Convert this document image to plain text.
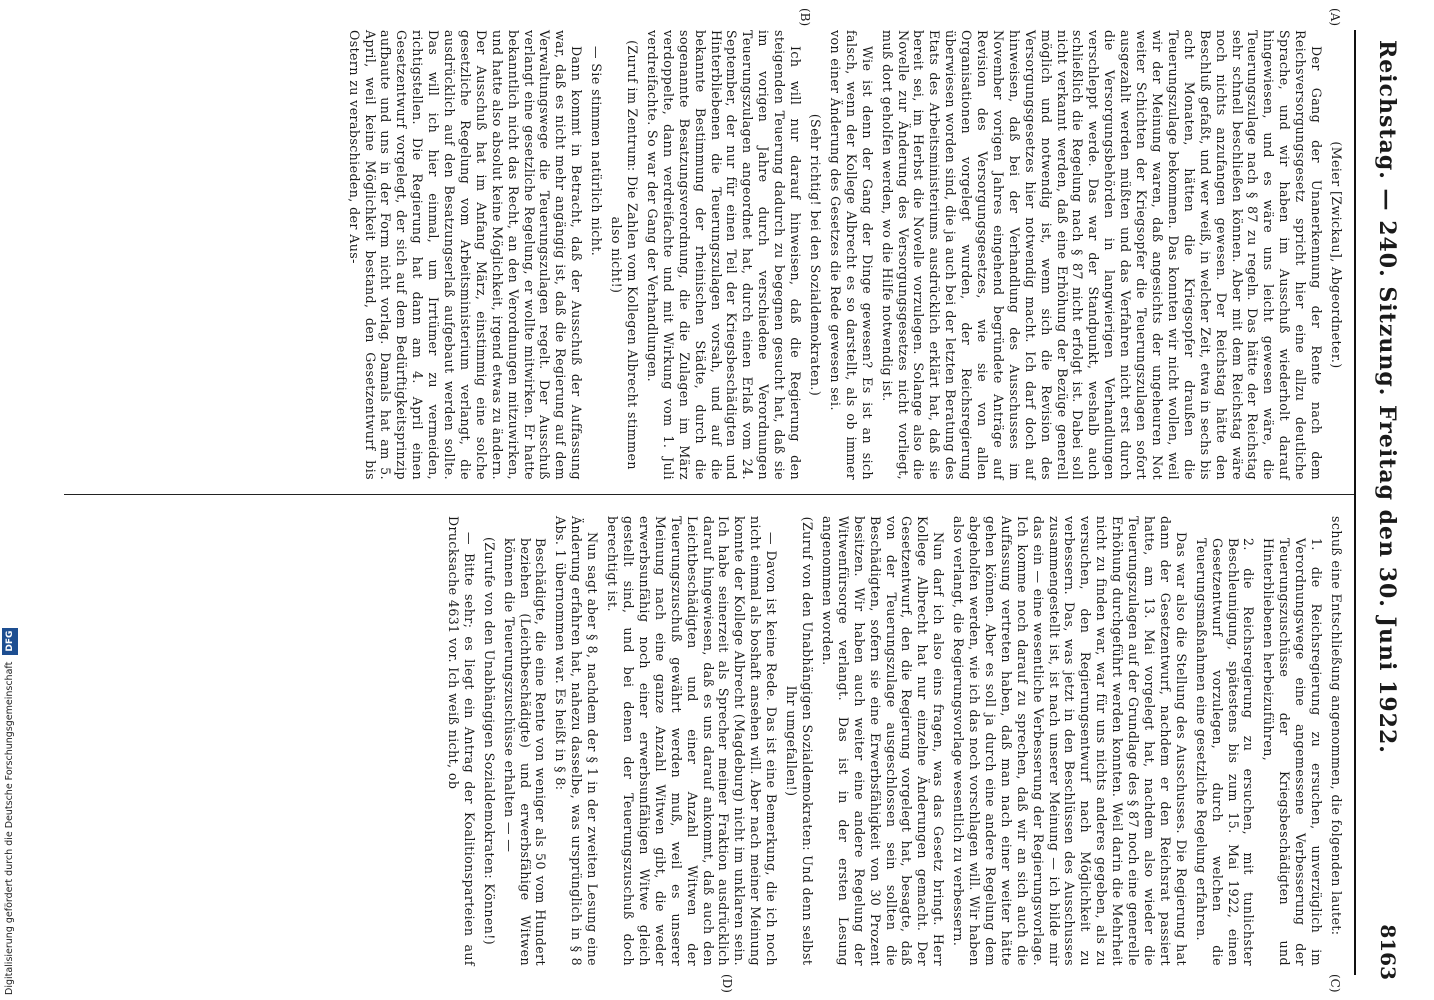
Reichstag. — 240. Sitzung. Freitag den 30. Juni 1922.
8163
(A)
(B)
(C)
(D)

(Meier [Zwickau], Abgeordneter.)

Der Gang der Unanerkennung der Rente nach dem Reichsversorgungsgesetz spricht hier eine allzu deutliche Sprache, und wir haben im Ausschuß wiederholt darauf hingewiesen, und es wäre uns leicht gewesen wäre, die Teuerungszulage nach § 87 zu regeln. Das hätte der Reichstag sehr schnell beschließen können. Aber mit dem Reichstag wäre noch nichts anzufangen gewesen. Der Reichstag hätte den Beschluß gefaßt, und wer weiß, in welcher Zeit, etwa in sechs bis acht Monaten, hätten die Kriegsopfer draußen die Teuerungszulage bekommen. Das konnten wir nicht wollen, weil wir der Meinung waren, daß angesichts der ungeheuren Not weiter Schichten der Kriegsopfer die Teuerungszulagen sofort ausgezahlt werden müßten und das Verfahren nicht erst durch die Versorgungsbehörden in langwierigen Verhandlungen verschleppt werde. Das war der Standpunkt, weshalb auch schließlich die Regelung nach § 87 nicht erfolgt ist. Dabei soll nicht verkannt werden, daß eine Erhöhung der Bezüge generell möglich und notwendig ist, wenn sich die Revision des Versorgungsgesetzes hier notwendig macht. Ich darf doch auf hinweisen, daß bei der Verhandlung des Ausschusses im November vorigen Jahres eingehend begründete Anträge auf Revision des Versorgungsgesetzes, wie sie von allen Organisationen vorgelegt wurden, der Reichsregierung überwiesen worden sind, die ja auch bei der letzten Beratung des Etats des Arbeitsministeriums ausdrücklich erklärt hat, daß sie bereit sei, im Herbst die Novelle vorzulegen. Solange also die Novelle zur Änderung des Versorgungsgesetzes nicht vorliegt, muß dort geholfen werden, wo die Hilfe notwendig ist.

Wie ist denn der Gang der Dinge gewesen? Es ist an sich falsch, wenn der Kollege Albrecht es so darstellt, als ob immer von einer Änderung des Gesetzes die Rede gewesen sei.

(Sehr richtig! bei den Sozialdemokraten.)

Ich will nur darauf hinweisen, daß die Regierung den steigenden Teuerung dadurch zu begegnen gesucht hat, daß sie im vorigen Jahre durch verschiedene Verordnungen Teuerungszulagen angeordnet hat, durch einen Erlaß vom 24. September, der nur für einen Teil der Kriegsbeschädigten und Hinterbliebenen die Teuerungszulagen vorsah, und auf die bekannte Bestimmung der rheinischen Städte, durch die sogenannte Besatzungsverordnung, die die Zulagen im März verdoppelte, dann verdreifachte und mit Wirkung vom 1. Juli verdreifachte. So war der Gang der Verhandlungen.

(Zuruf im Zentrum: Die Zahlen vom Kollegen Albrecht stimmen also nicht!)

— Sie stimmen natürlich nicht.

Dann kommt in Betracht, daß der Ausschuß der Auffassung war, daß es nicht mehr angängig ist, daß die Regierung auf dem Verwaltungswege die Teuerungszulagen regelt. Der Ausschuß verlangt eine gesetzliche Regelung, er wollte mitwirken. Er hatte bekanntlich nicht das Recht, an den Verordnungen mitzuwirken, und hatte also absolut keine Möglichkeit, irgend etwas zu ändern. Der Ausschuß hat im Anfang März, einstimmig eine solche gesetzliche Regelung vom Arbeitsministerium verlangt, die ausdrücklich auf den Besatzungserlaß aufgebaut werden sollte. Das will ich hier einmal, um Irrtümer zu vermeiden, richtigstellen. Die Regierung hat dann am 4. April einen Gesetzentwurf vorgelegt, der sich auf dem Bedürftigkeitsprinzip aufbaute und uns in der Form nicht vorlag. Damals hat am 5. April, weil keine Möglichkeit bestand, den Gesetzentwurf bis Ostern zu verabschieden, der Aus-

schuß eine Entschließung angenommen, die folgenden lautet:

1. die Reichsregierung zu ersuchen, unverzüglich im Verordnungswege eine angemessene Verbesserung der Teuerungszuschüsse der Kriegsbeschädigten und Hinterbliebenen herbeizuführen,

2. die Reichsregierung zu ersuchen, mit tunlichster Beschleunigung, spätestens bis zum 15. Mai 1922, einen Gesetzentwurf vorzulegen, durch welchen die Teuerungsmaßnahmen eine gesetzliche Regelung erfahren.

Das war also die Stellung des Ausschusses. Die Regierung hat dann der Gesetzentwurf, nachdem er den Reichsrat passiert hatte, am 13. Mai vorgelegt hat, nachdem also wieder die Teuerungszulagen auf der Grundlage des § 87 noch eine generelle Erhöhung durchgeführt werden konnten. Weil darin die Mehrheit nicht zu finden war, war für uns nichts anderes gegeben, als zu versuchen, den Regierungsentwurf nach Möglichkeit zu verbessern. Das, was jetzt in den Beschlüssen des Ausschusses zusammengestellt ist, ist nach unserer Meinung — ich bilde mir das ein — eine wesentliche Verbesserung der Regierungsvorlage. Ich komme noch darauf zu sprechen, daß wir an sich auch die Auffassung vertreten haben, daß man nach einer weiter hätte gehen können. Aber es soll ja durch eine andere Regelung dem abgeholfen werden, wie ich das noch vorschlagen will. Wir haben also verlangt, die Regierungsvorlage wesentlich zu verbessern.

Nun darf ich also eins fragen, was das Gesetz bringt. Herr Kollege Albrecht hat nur einzelne Änderungen gemacht. Der Gesetzentwurf, den die Regierung vorgelegt hat, besagte, daß von der Teuerungszulage ausgeschlossen sein sollten die Beschädigten, sofern sie eine Erwerbsfähigkeit von 30 Prozent besitzen. Wir haben auch weiter eine andere Regelung der Witwenfürsorge verlangt. Das ist in der ersten Lesung angenommen worden.

(Zuruf von den Unabhängigen Sozialdemokraten: Und denn selbst Ihr umgefallen!)

— Davon ist keine Rede. Das ist eine Bemerkung, die ich noch nicht einmal als boshaft ansehen will. Aber nach meiner Meinung konnte der Kollege Albrecht (Magdeburg) nicht im unklaren sein. Ich habe seinerzeit als Sprecher meiner Fraktion ausdrücklich darauf hingewiesen, daß es uns darauf ankommt, daß auch den Leichtbeschädigten und einer Anzahl Witwen der Teuerungszuschuß gewährt werden muß, weil es unserer Meinung nach eine ganze Anzahl Witwen gibt, die weder erwerbsunfähig noch einer erwerbsunfähigen Witwe gleich gestellt sind, und bei denen der Teuerungszuschuß doch berechtigt ist.

Nun sagt aber § 8, nachdem der § 1 in der zweiten Lesung eine Änderung erfahren hat, nahezu dasselbe, was ursprünglich in § 8 Abs. 1 übernommen war. Es heißt in § 8:

Beschädigte, die eine Rente von weniger als 50 vom Hundert beziehen (Leichtbeschädigte) und erwerbsfähige Witwen können die Teuerungszuschüsse erhalten — —

(Zurufe von den Unabhängigen Sozialdemokraten: Können!)

— Bitte sehr; es liegt ein Antrag der Koalitionsparteien auf Drucksache 4631 vor. Ich weiß nicht, ob

Digitalisierung gefördert durch die Deutsche Forschungsgemeinschaft DFG
